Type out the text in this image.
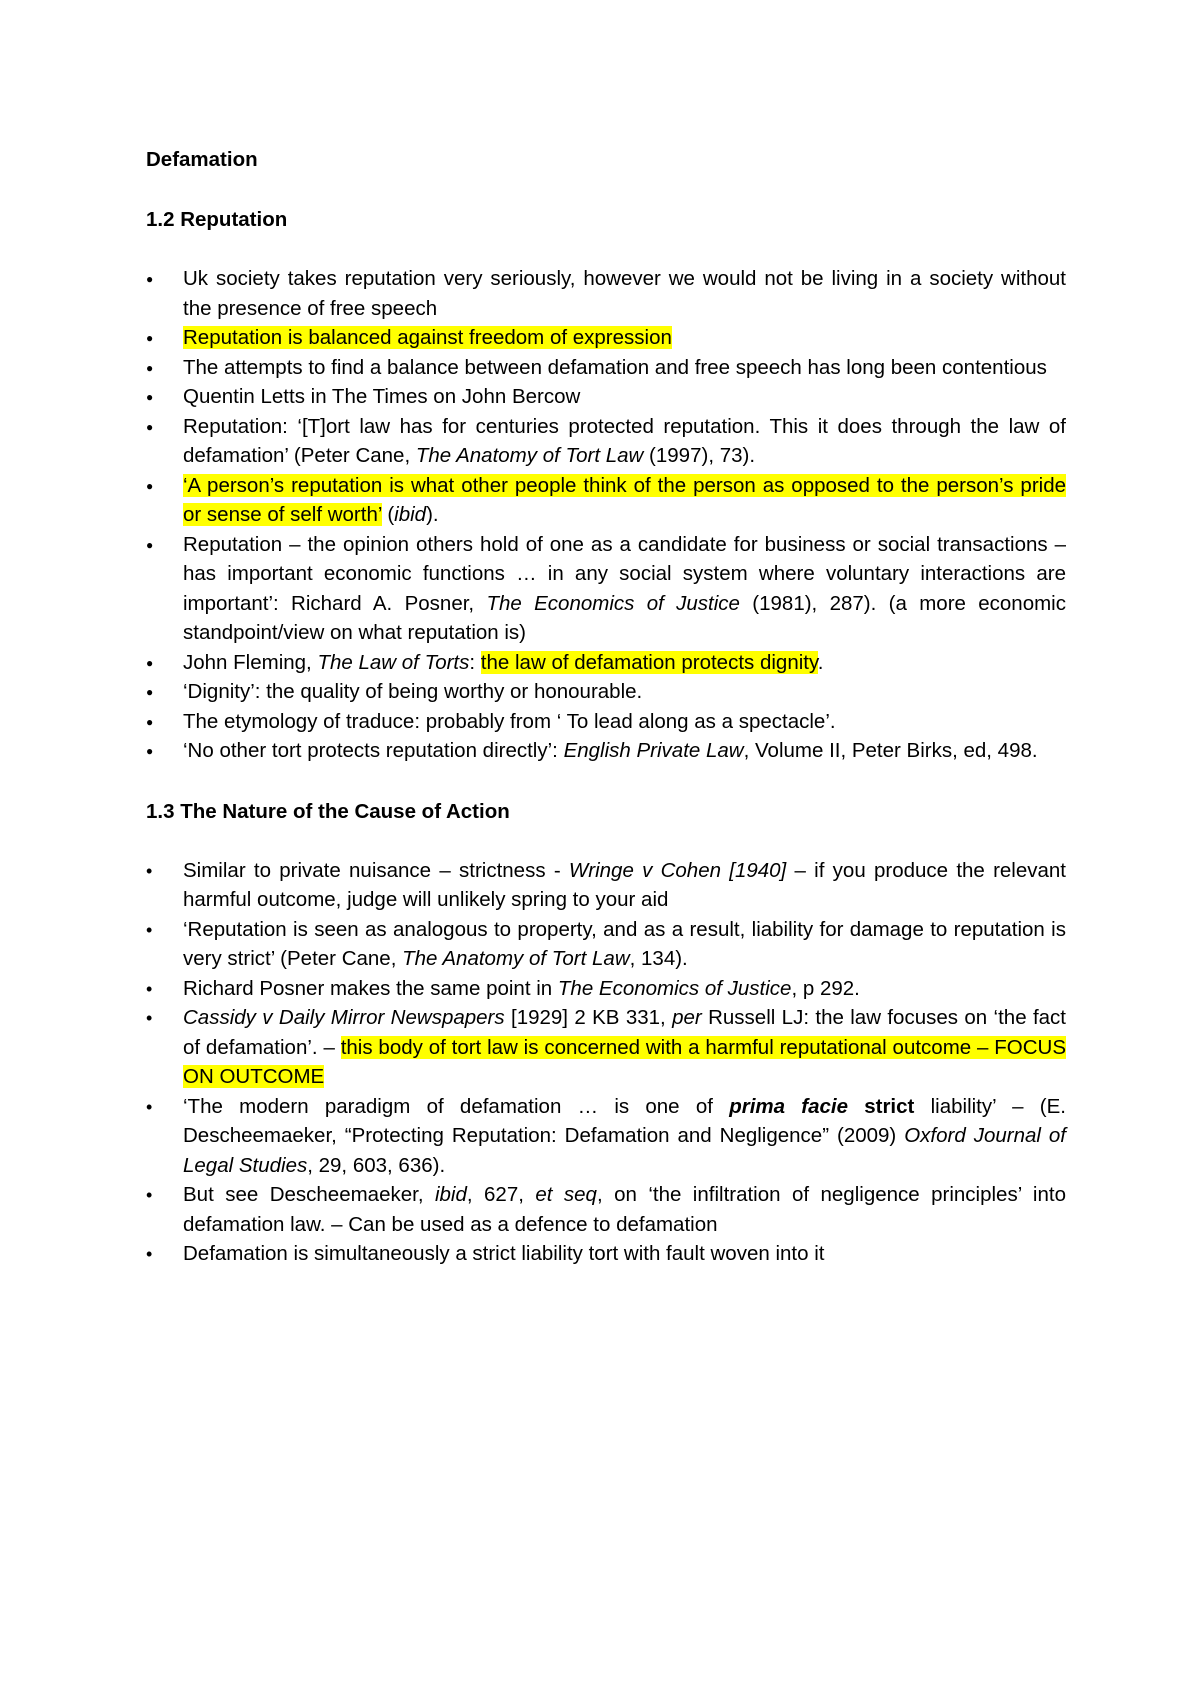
Defamation

1.2 Reputation

●
Uk society takes reputation very seriously, however we would not be living in a society without the presence of free speech
●
Reputation is balanced against freedom of expression
●
The attempts to find a balance between defamation and free speech has long been contentious
●
Quentin Letts in The Times on John Bercow
●
Reputation: ‘[T]ort law has for centuries protected reputation. This it does through the law of defamation’ (Peter Cane, The Anatomy of Tort Law (1997), 73).
●
‘A person’s reputation is what other people think of the person as opposed to the person’s pride or sense of self worth’ (ibid).
●
Reputation – the opinion others hold of one as a candidate for business or social transactions – has important economic functions … in any social system where voluntary interactions are important’: Richard A. Posner, The Economics of Justice (1981), 287). (a more economic standpoint/view on what reputation is)
●
John Fleming, The Law of Torts: the law of defamation protects dignity.
●
‘Dignity’: the quality of being worthy or honourable.
●
The etymology of traduce: probably from ‘ To lead along as a spectacle’.
●
‘No other tort protects reputation directly’: English Private Law, Volume II, Peter Birks, ed, 498.

1.3 The Nature of the Cause of Action

•
Similar to private nuisance – strictness - Wringe v Cohen [1940] – if you produce the relevant harmful outcome, judge will unlikely spring to your aid
•
‘Reputation is seen as analogous to property, and as a result, liability for damage to reputation is very strict’ (Peter Cane, The Anatomy of Tort Law, 134).
•
Richard Posner makes the same point in The Economics of Justice, p 292.
•
Cassidy v Daily Mirror Newspapers [1929] 2 KB 331, per Russell LJ: the law focuses on ‘the fact of defamation’. – this body of tort law is concerned with a harmful reputational outcome – FOCUS ON OUTCOME
•
‘The modern paradigm of defamation … is one of prima facie strict liability’ – (E. Descheemaeker, “Protecting Reputation: Defamation and Negligence” (2009) Oxford Journal of Legal Studies, 29, 603, 636).
•
But see Descheemaeker, ibid, 627, et seq, on ‘the infiltration of negligence principles’ into defamation law. – Can be used as a defence to defamation
•
Defamation is simultaneously a strict liability tort with fault woven into it
